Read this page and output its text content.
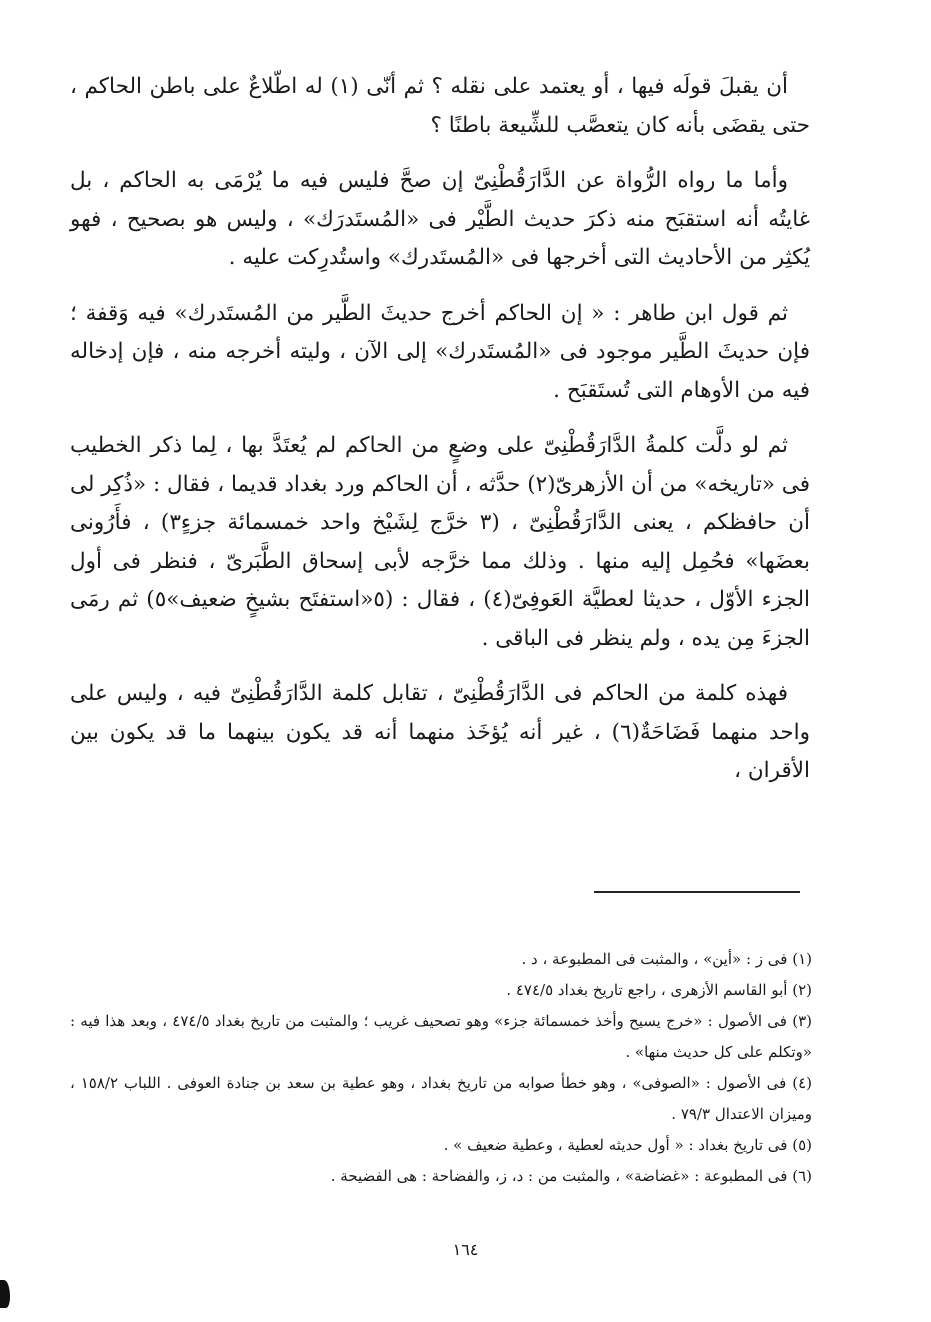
أن يقبلَ قولَه فيها ، أو يعتمد على نقله ؟ ثم أنّى (١) له اطّلاعٌ على باطن الحاكم ، حتى يقضَى بأنه كان يتعصَّب للشِّيعة باطنًا ؟

وأما ما رواه الرُّواة عن الدَّارَقُطْنِىّ إن صحَّ فليس فيه ما يُرْمَى به الحاكم ، بل غايتُه أنه استقبَح منه ذكرَ حديث الطَّيْر فى «المُستَدرَك» ، وليس هو بصحيح ، فهو يُكثِر من الأحاديث التى أخرجها فى «المُستَدرك» واستُدرِكت عليه .

ثم قول ابن طاهر : « إن الحاكم أخرج حديثَ الطَّير من المُستَدرك» فيه وَقفة ؛ فإن حديثَ الطَّير موجود فى «المُستَدرك» إلى الآن ، وليته أخرجه منه ، فإن إدخاله فيه من الأوهام التى تُستَقبَح .

ثم لو دلَّت كلمةُ الدَّارَقُطْنِىّ على وضعٍ من الحاكم لم يُعتَدَّ بها ، لِما ذكر الخطيب فى «تاريخه» من أن الأزهرىّ(٢) حدَّثه ، أن الحاكم ورد بغداد قديما ، فقال : «ذُكِر لى أن حافظكم ، يعنى الدَّارَقُطْنِىّ ، (٣ خرَّج لِشَيْخ واحد خمسمائة جزءٍ٣) ، فأَرُونى بعضَها» فحُمِل إليه منها . وذلك مما خرَّجه لأبى إسحاق الطَّبَرىّ ، فنظر فى أول الجزء الأوّل ، حديثا لعطيَّة العَوفِىّ(٤) ، فقال : (٥«استفتَح بشيخٍ ضعيف»٥) ثم رمَى الجزءَ مِن يده ، ولم ينظر فى الباقى .

فهذه كلمة من الحاكم فى الدَّارَقُطْنِىّ ، تقابل كلمة الدَّارَقُطْنِىّ فيه ، وليس على واحد منهما فَضَاحَةٌ(٦) ، غير أنه يُؤخَذ منهما أنه قد يكون بينهما ما قد يكون بين الأقران ،

(١) فى ز : «أين» ، والمثبت فى المطبوعة ، د .

(٢) أبو القاسم الأزهرى ، راجع تاريخ بغداد ٤٧٤/٥ .

(٣) فى الأصول : «خرج يسيح وأخذ خمسمائة جزء» وهو تصحيف غريب ؛ والمثبت من تاريخ بغداد ٤٧٤/٥ ، وبعد هذا فيه : «وتكلم على كل حديث منها» .

(٤) فى الأصول : «الصوفى» ، وهو خطأ صوابه من تاريخ بغداد ، وهو عطية بن سعد بن جنادة العوفى . اللباب ١٥٨/٢ ، وميزان الاعتدال ٧٩/٣ .

(٥) فى تاريخ بغداد : « أول حديثه لعطية ، وعطية ضعيف » .

(٦) فى المطبوعة : «غضاضة» ، والمثبت من : د، ز، والفضاحة : هى الفضيحة .

١٦٤
